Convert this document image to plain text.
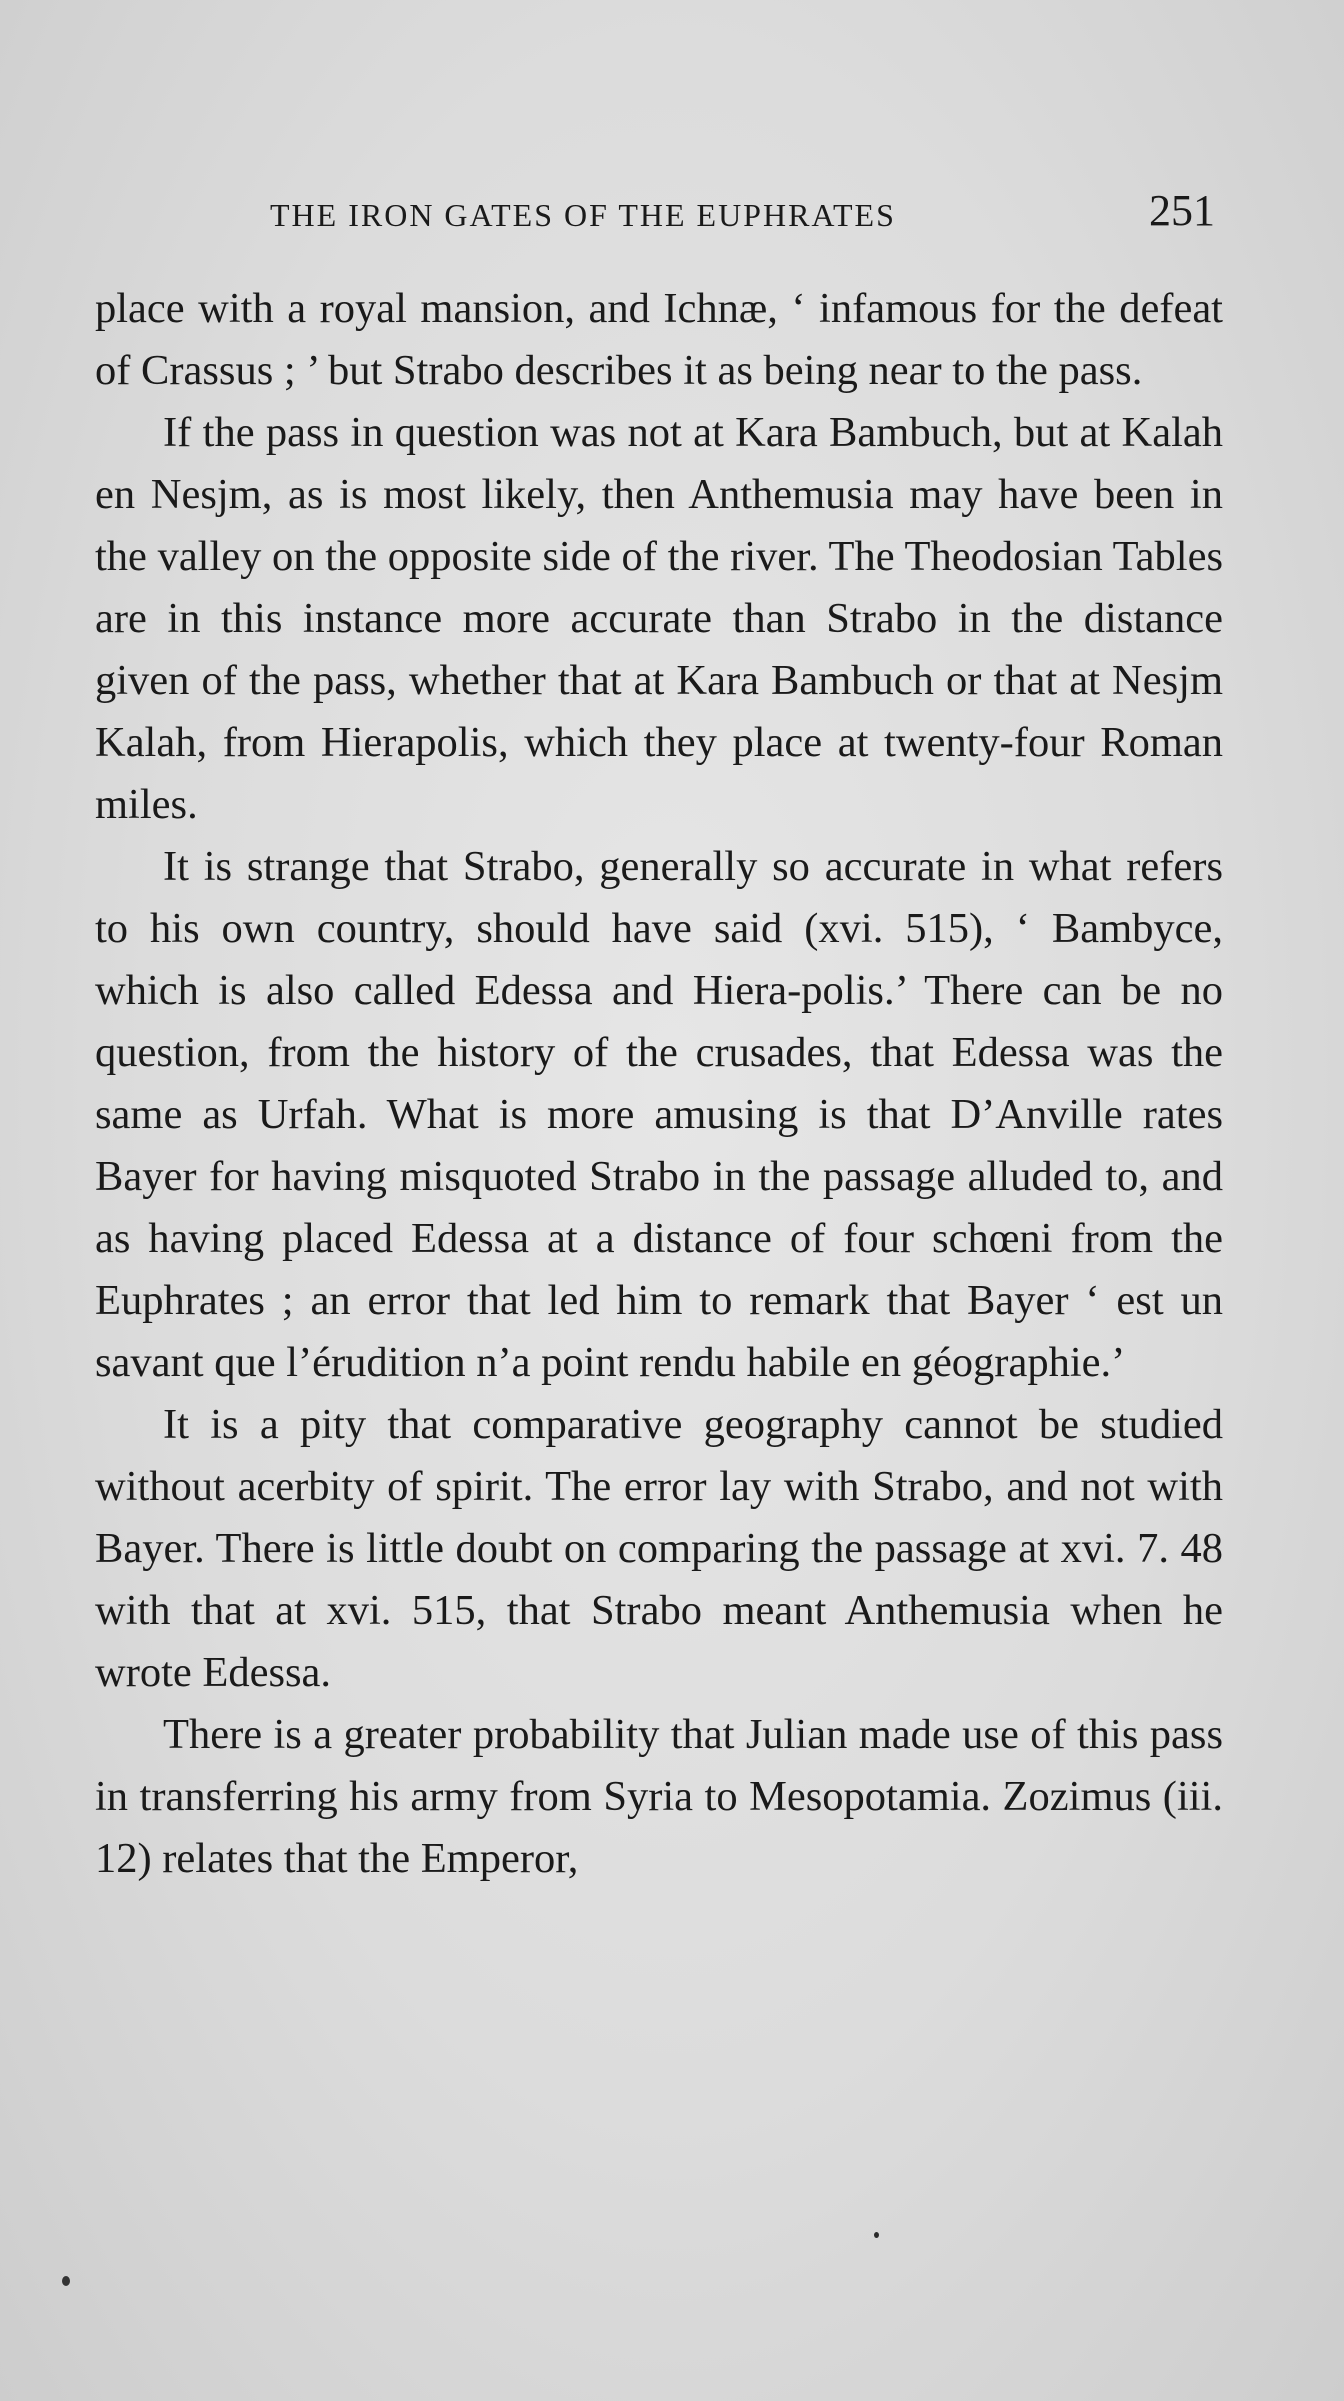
THE IRON GATES OF THE EUPHRATES	251

place with a royal mansion, and Ichnæ, ‘ infamous for the defeat of Crassus ; ’ but Strabo describes it as being near to the pass.

If the pass in question was not at Kara Bambuch, but at Kalah en Nesjm, as is most likely, then Anthemusia may have been in the valley on the opposite side of the river. The Theodosian Tables are in this instance more accurate than Strabo in the distance given of the pass, whether that at Kara Bambuch or that at Nesjm Kalah, from Hierapolis, which they place at twenty-four Roman miles.

It is strange that Strabo, generally so accurate in what refers to his own country, should have said (xvi. 515), ‘ Bambyce, which is also called Edessa and Hiera-polis.’ There can be no question, from the history of the crusades, that Edessa was the same as Urfah. What is more amusing is that D’Anville rates Bayer for having misquoted Strabo in the passage alluded to, and as having placed Edessa at a distance of four schœni from the Euphrates ; an error that led him to remark that Bayer ‘ est un savant que l’érudition n’a point rendu habile en géographie.’

It is a pity that comparative geography cannot be studied without acerbity of spirit. The error lay with Strabo, and not with Bayer. There is little doubt on comparing the passage at xvi. 7. 48 with that at xvi. 515, that Strabo meant Anthemusia when he wrote Edessa.

There is a greater probability that Julian made use of this pass in transferring his army from Syria to Mesopotamia. Zozimus (iii. 12) relates that the Emperor,
